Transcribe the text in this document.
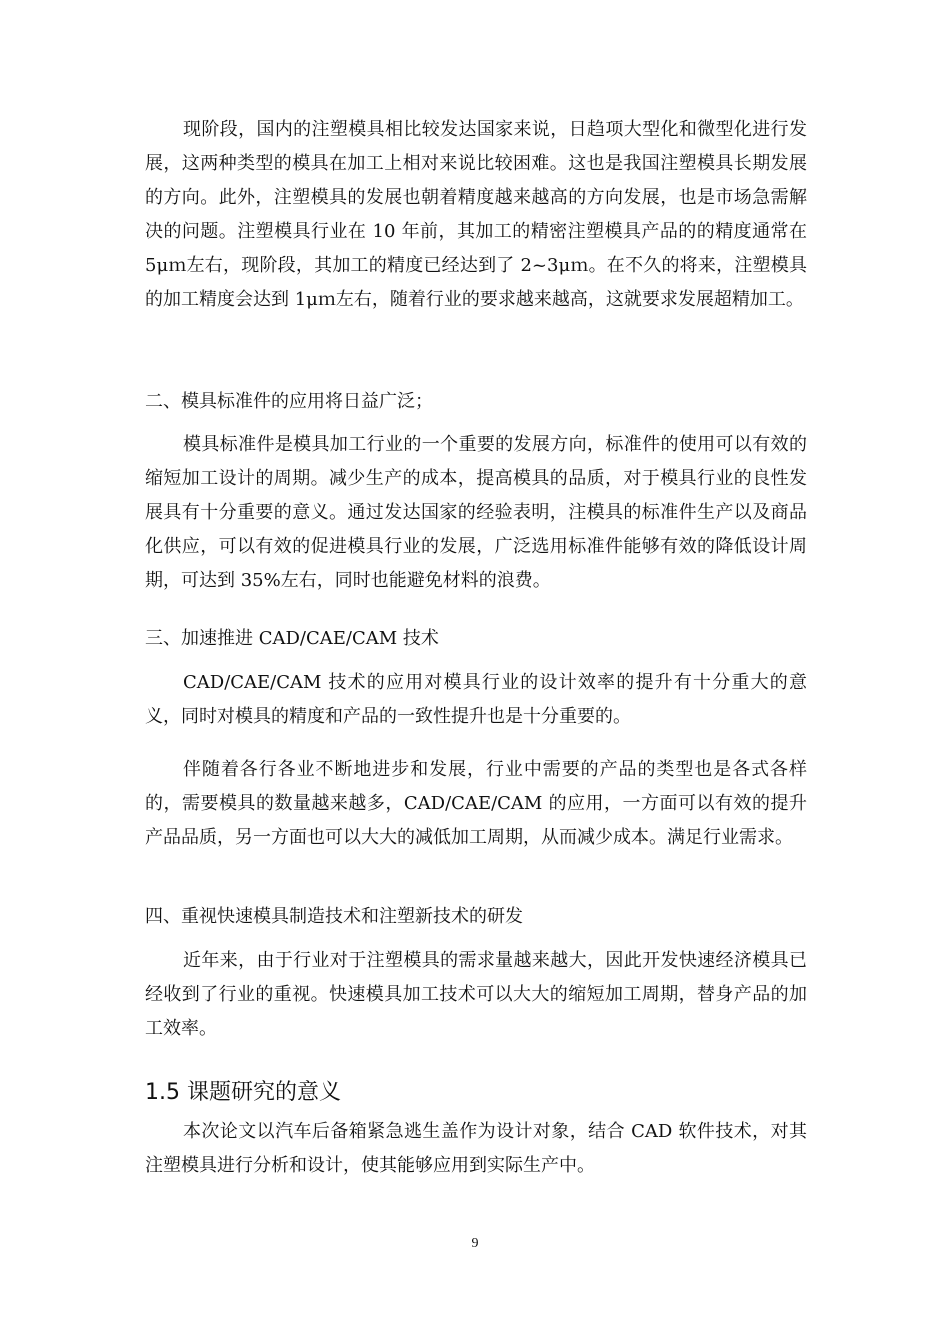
现阶段，国内的注塑模具相比较发达国家来说，日趋项大型化和微型化进行发展，这两种类型的模具在加工上相对来说比较困难。这也是我国注塑模具长期发展的方向。此外，注塑模具的发展也朝着精度越来越高的方向发展，也是市场急需解决的问题。注塑模具行业在 10 年前，其加工的精密注塑模具产品的的精度通常在 5μｍ左右，现阶段，其加工的精度已经达到了 2~3μｍ。在不久的将来，注塑模具的加工精度会达到 1μｍ左右，随着行业的要求越来越高，这就要求发展超精加工。

二、模具标准件的应用将日益广泛；

模具标准件是模具加工行业的一个重要的发展方向，标准件的使用可以有效的缩短加工设计的周期。减少生产的成本，提高模具的品质，对于模具行业的良性发展具有十分重要的意义。通过发达国家的经验表明，注模具的标准件生产以及商品化供应，可以有效的促进模具行业的发展，广泛选用标准件能够有效的降低设计周期，可达到 35%左右，同时也能避免材料的浪费。

三、加速推进 CAD/CAE/CAM 技术

CAD/CAE/CAM 技术的应用对模具行业的设计效率的提升有十分重大的意义，同时对模具的精度和产品的一致性提升也是十分重要的。

伴随着各行各业不断地进步和发展，行业中需要的产品的类型也是各式各样的，需要模具的数量越来越多，CAD/CAE/CAM 的应用，一方面可以有效的提升产品品质，另一方面也可以大大的减低加工周期，从而减少成本。满足行业需求。

四、重视快速模具制造技术和注塑新技术的研发

近年来，由于行业对于注塑模具的需求量越来越大，因此开发快速经济模具已经收到了行业的重视。快速模具加工技术可以大大的缩短加工周期，替身产品的加工效率。

1.5 课题研究的意义

本次论文以汽车后备箱紧急逃生盖作为设计对象，结合 CAD 软件技术，对其注塑模具进行分析和设计，使其能够应用到实际生产中。

9
